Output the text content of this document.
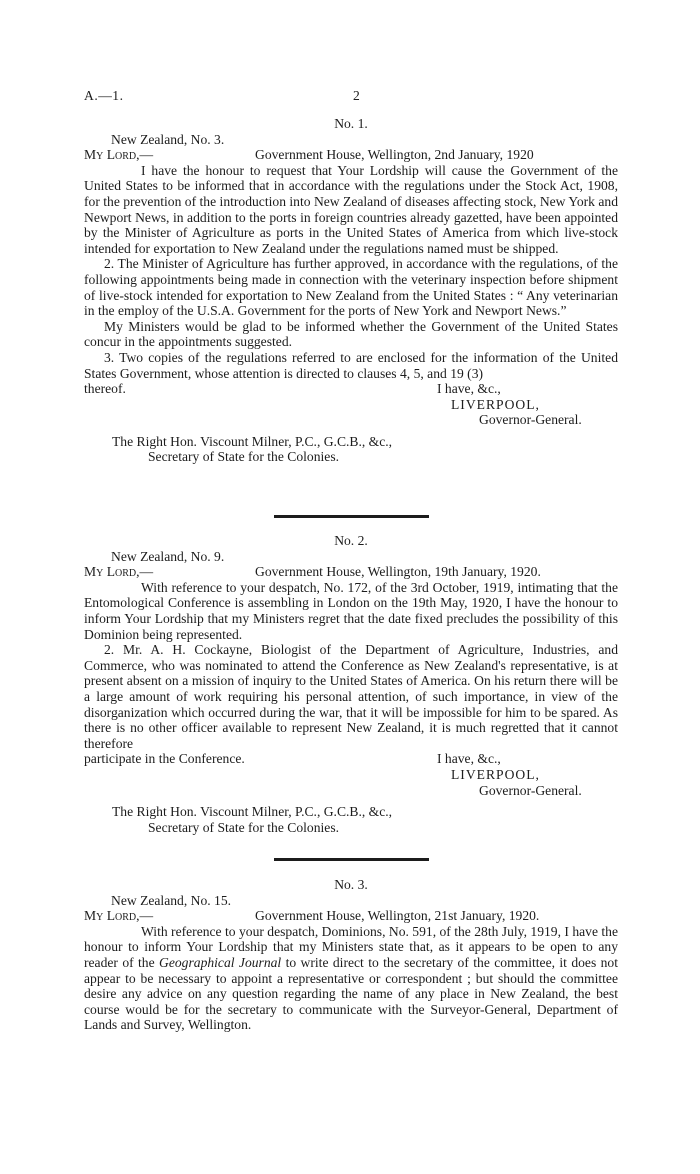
A.—1.	2

No. 1.

New Zealand, No. 3.

My Lord,—	Government House, Wellington, 2nd January, 1920

I have the honour to request that Your Lordship will cause the Government of the United States to be informed that in accordance with the regulations under the Stock Act, 1908, for the prevention of the introduction into New Zealand of diseases affecting stock, New York and Newport News, in addition to the ports in foreign countries already gazetted, have been appointed by the Minister of Agriculture as ports in the United States of America from which live-stock intended for exportation to New Zealand under the regulations named must be shipped.

2. The Minister of Agriculture has further approved, in accordance with the regulations, of the following appointments being made in connection with the veterinary inspection before shipment of live-stock intended for exportation to New Zealand from the United States : “ Any veterinarian in the employ of the U.S.A. Government for the ports of New York and Newport News.”

My Ministers would be glad to be informed whether the Government of the United States concur in the appointments suggested.

3. Two copies of the regulations referred to are enclosed for the information of the United States Government, whose attention is directed to clauses 4, 5, and 19 (3)

thereof.	I have, &c.,

LIVERPOOL,

Governor-General.

The Right Hon. Viscount Milner, P.C., G.C.B., &c.,

Secretary of State for the Colonies.

No. 2.

New Zealand, No. 9.

My Lord,—	Government House, Wellington, 19th January, 1920.

With reference to your despatch, No. 172, of the 3rd October, 1919, intimating that the Entomological Conference is assembling in London on the 19th May, 1920, I have the honour to inform Your Lordship that my Ministers regret that the date fixed precludes the possibility of this Dominion being represented.

2. Mr. A. H. Cockayne, Biologist of the Department of Agriculture, Industries, and Commerce, who was nominated to attend the Conference as New Zealand's representative, is at present absent on a mission of inquiry to the United States of America. On his return there will be a large amount of work requiring his personal attention, of such importance, in view of the disorganization which occurred during the war, that it will be impossible for him to be spared. As there is no other officer available to represent New Zealand, it is much regretted that it cannot therefore

participate in the Conference.	I have, &c.,

LIVERPOOL,

Governor-General.

The Right Hon. Viscount Milner, P.C., G.C.B., &c.,

Secretary of State for the Colonies.

No. 3.

New Zealand, No. 15.

My Lord,—	Government House, Wellington, 21st January, 1920.

With reference to your despatch, Dominions, No. 591, of the 28th July, 1919, I have the honour to inform Your Lordship that my Ministers state that, as it appears to be open to any reader of the Geographical Journal to write direct to the secretary of the committee, it does not appear to be necessary to appoint a representative or correspondent ; but should the committee desire any advice on any question regarding the name of any place in New Zealand, the best course would be for the secretary to communicate with the Surveyor-General, Department of Lands and Survey, Wellington.
